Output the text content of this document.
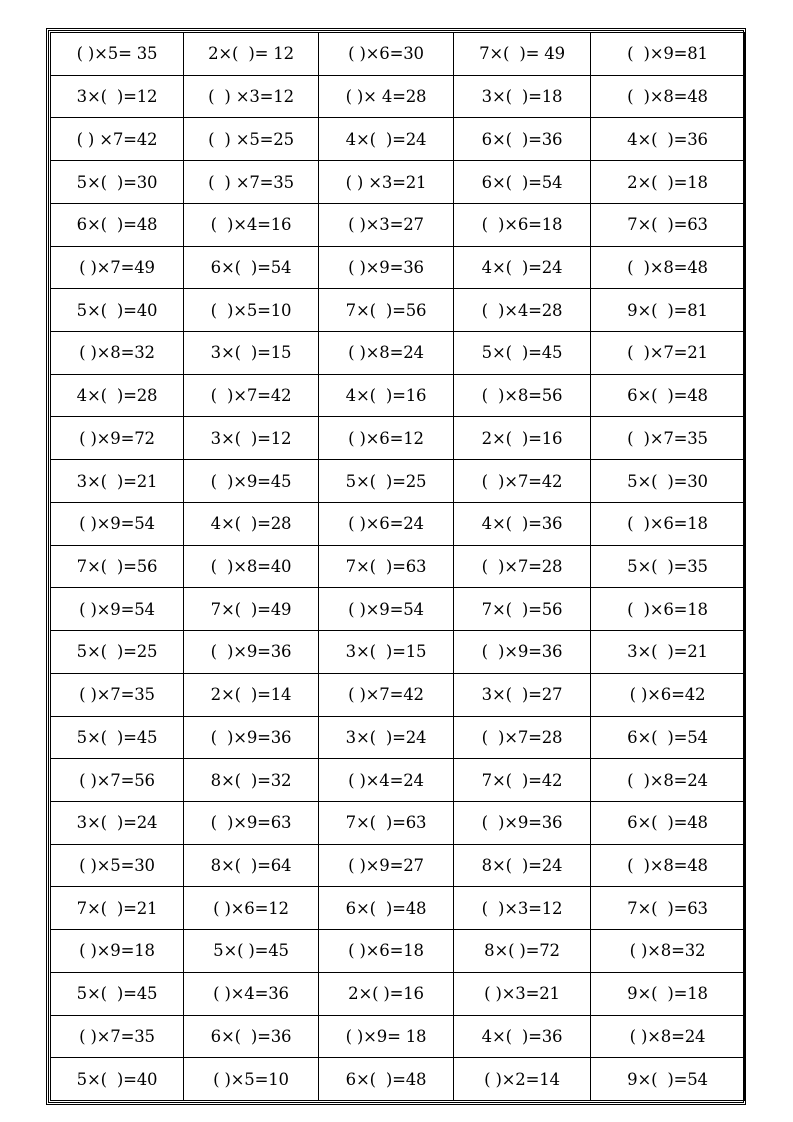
( )×5= 35	2×(  )= 12	( )×6=30	7×(  )= 49	(  )×9=81
3×(  )=12	(  ) ×3=12	( )× 4=28	3×(  )=18	(  )×8=48
( ) ×7=42	(  ) ×5=25	4×(  )=24	6×(  )=36	4×(  )=36
5×(  )=30	(  ) ×7=35	( ) ×3=21	6×(  )=54	2×(  )=18
6×(  )=48	(  )×4=16	( )×3=27	(  )×6=18	7×(  )=63
( )×7=49	6×(  )=54	( )×9=36	4×(  )=24	(  )×8=48
5×(  )=40	(  )×5=10	7×(  )=56	(  )×4=28	9×(  )=81
( )×8=32	3×(  )=15	( )×8=24	5×(  )=45	(  )×7=21
4×(  )=28	(  )×7=42	4×(  )=16	(  )×8=56	6×(  )=48
( )×9=72	3×(  )=12	( )×6=12	2×(  )=16	(  )×7=35
3×(  )=21	(  )×9=45	5×(  )=25	(  )×7=42	5×(  )=30
( )×9=54	4×(  )=28	( )×6=24	4×(  )=36	(  )×6=18
7×(  )=56	(  )×8=40	7×(  )=63	(  )×7=28	5×(  )=35
( )×9=54	7×(  )=49	( )×9=54	7×(  )=56	(  )×6=18
5×(  )=25	(  )×9=36	3×(  )=15	(  )×9=36	3×(  )=21
( )×7=35	2×(  )=14	( )×7=42	3×(  )=27	( )×6=42
5×(  )=45	(  )×9=36	3×(  )=24	(  )×7=28	6×(  )=54
( )×7=56	8×(  )=32	( )×4=24	7×(  )=42	(  )×8=24
3×(  )=24	(  )×9=63	7×(  )=63	(  )×9=36	6×(  )=48
( )×5=30	8×(  )=64	( )×9=27	8×(  )=24	(  )×8=48
7×(  )=21	( )×6=12	6×(  )=48	(  )×3=12	7×(  )=63
( )×9=18	5×( )=45	( )×6=18	8×( )=72	( )×8=32
5×(  )=45	( )×4=36	2×( )=16	( )×3=21	9×(  )=18
( )×7=35	6×(  )=36	( )×9= 18	4×(  )=36	( )×8=24
5×(  )=40	( )×5=10	6×(  )=48	( )×2=14	9×(  )=54
